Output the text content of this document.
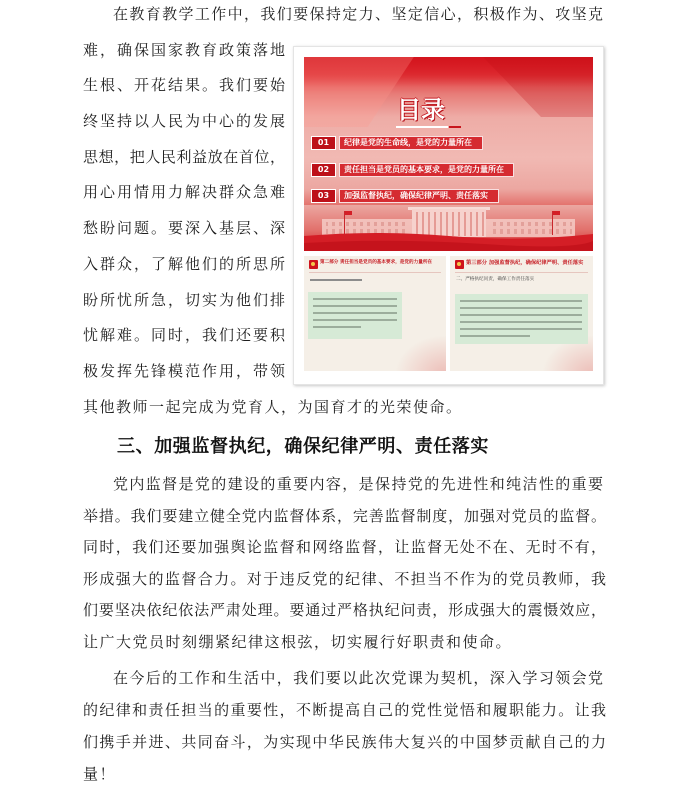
在教育教学工作中，我们要保持定力、坚定信心，积极作为、攻坚克
难，确保国家教育政策落地
生根、开花结果。我们要始
终坚持以人民为中心的发展
思想，把人民利益放在首位，
用心用情用力解决群众急难
愁盼问题。要深入基层、深
入群众，了解他们的所思所
盼所忧所急，切实为他们排
忧解难。同时，我们还要积
极发挥先锋模范作用，带领
其他教师一起完成为党育人，为国育才的光荣使命。
三、加强监督执纪，确保纪律严明、责任落实
党内监督是党的建设的重要内容，是保持党的先进性和纯洁性的重要
举措。我们要建立健全党内监督体系，完善监督制度，加强对党员的监督。
同时，我们还要加强舆论监督和网络监督，让监督无处不在、无时不有，
形成强大的监督合力。对于违反党的纪律、不担当不作为的党员教师，我
们要坚决依纪依法严肃处理。要通过严格执纪问责，形成强大的震慑效应，
让广大党员时刻绷紧纪律这根弦，切实履行好职责和使命。
在今后的工作和生活中，我们要以此次党课为契机，深入学习领会党
的纪律和责任担当的重要性，不断提高自己的党性觉悟和履职能力。让我
们携手并进、共同奋斗，为实现中华民族伟大复兴的中国梦贡献自己的力
量！
目录
01	纪律是党的生命线，是党的力量所在
02	责任担当是党员的基本要求，是党的力量所在
03	加强监督执纪，确保纪律严明、责任落实
第二部分 责任担当是党员的基本要求，是党的力量所在	第三部分 加强监督执纪，确保纪律严明、责任落实
二、严格执纪问责，确保工作责任落实
